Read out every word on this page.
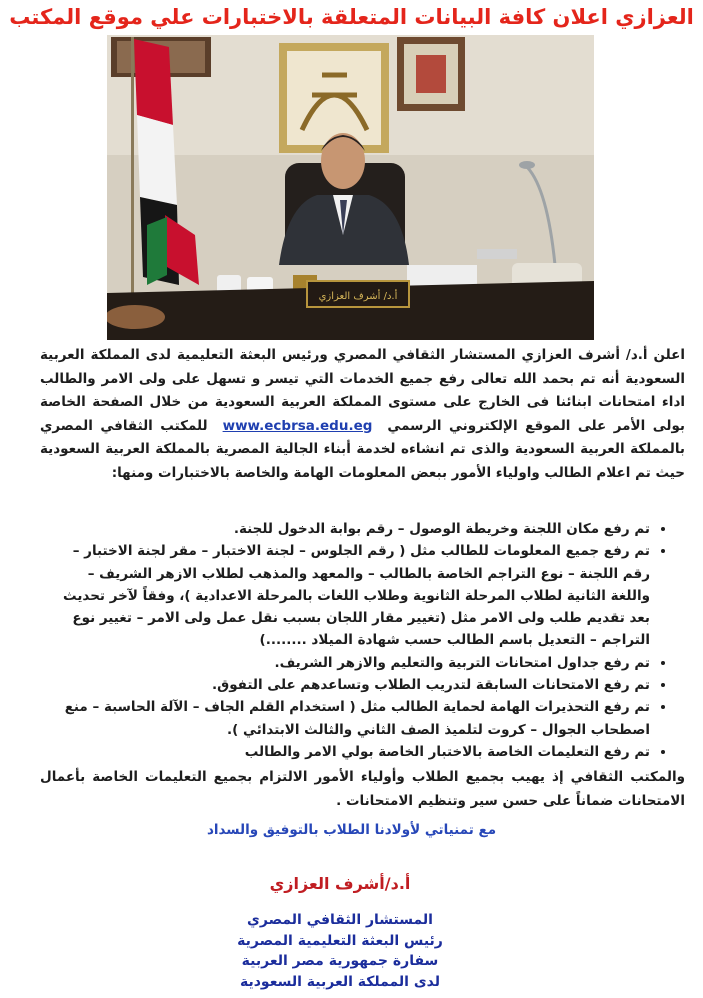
العزازي اعلان كافة البيانات المتعلقة بالاختبارات علي موقع المكتب
أ.د/ أشرف العزازي

اعلن أ.د/ أشرف العزازي المستشار الثقافي المصري ورئيس البعثة التعليمية لدى المملكة العربية السعودية أنه تم بحمد الله تعالى رفع جميع الخدمات التي تيسر و تسهل على ولى الامر والطالب اداء امتحانات ابنائنا فى الخارج على مستوى المملكة العربية السعودية من خلال الصفحة الخاصة بولى الأمر على الموقع الإلكتروني الرسمي  www.ecbrsa.edu.eg  للمكتب الثقافي المصري بالمملكة العربية السعودية والذى تم انشاءه لخدمة أبناء الجالية المصرية بالمملكة العربية السعودية حيث تم اعلام الطالب واولياء الأمور ببعض المعلومات الهامة والخاصة بالاختبارات ومنها:

• تم رفع مكان اللجنة وخريطة الوصول – رقم بوابة الدخول للجنة.
• تم رفع جميع المعلومات للطالب مثل ( رقم الجلوس – لجنة الاختبار – مقر لجنة الاختبار – رقم اللجنة – نوع التراجم الخاصة بالطالب – والمعهد والمذهب لطلاب الازهر الشريف – واللغة الثانية لطلاب المرحلة الثانوية وطلاب اللغات بالمرحلة الاعدادية )، وفقاً لآخر تحديث بعد تقديم طلب ولى الامر مثل (تغيير مقار اللجان بسبب نقل عمل ولى الامر – تغيير نوع التراجم – التعديل باسم الطالب حسب شهادة الميلاد ........)
• تم رفع جداول امتحانات التربية والتعليم والازهر الشريف.
• تم رفع الامتحانات السابقة لتدريب الطلاب وتساعدهم على التفوق.
• تم رفع التحذيرات الهامة لحماية الطالب مثل ( استخدام القلم الجاف – الآلة الحاسبة – منع اصطحاب الجوال – كروت لتلميذ الصف الثاني والثالث الابتدائي ).
• تم رفع التعليمات الخاصة بالاختبار الخاصة بولي الامر والطالب

والمكتب الثقافي إذ يهيب بجميع الطلاب وأولياء الأمور الالتزام بجميع التعليمات الخاصة بأعمال الامتحانات ضماناً على حسن سير وتنظيم الامتحانات .

مع تمنياتي لأولادنا الطلاب بالتوفيق والسداد
أ.د/أشرف العزازي
المستشار الثقافي المصري
رئيس البعثة التعليمية المصرية
سفارة جمهورية مصر العربية
لدى المملكة العربية السعودية
